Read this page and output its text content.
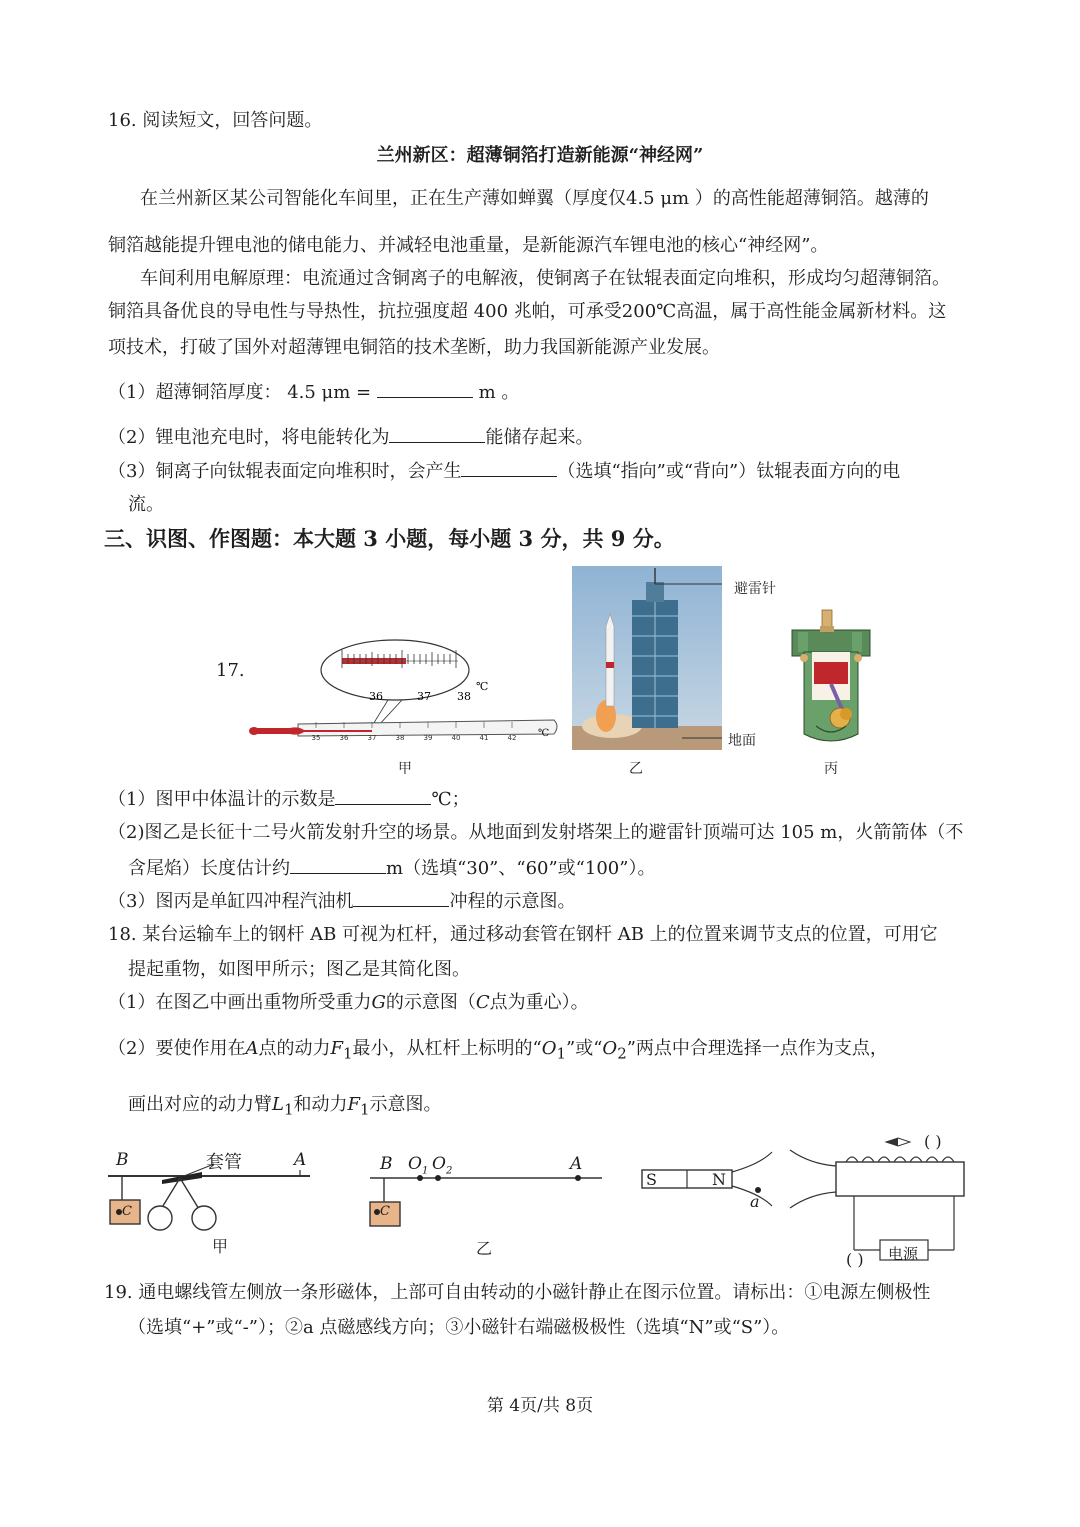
16. 阅读短文，回答问题。
兰州新区：超薄铜箔打造新能源“神经网”
在兰州新区某公司智能化车间里，正在生产薄如蝉翼（厚度仅4.5 μm ）的高性能超薄铜箔。越薄的
铜箔越能提升锂电池的储电能力、并减轻电池重量，是新能源汽车锂电池的核心“神经网”。
车间利用电解原理：电流通过含铜离子的电解液，使铜离子在钛辊表面定向堆积，形成均匀超薄铜箔。
铜箔具备优良的导电性与导热性，抗拉强度超 400 兆帕，可承受200℃高温，属于高性能金属新材料。这
项技术，打破了国外对超薄锂电铜箔的技术垄断，助力我国新能源产业发展。
（1）超薄铜箔厚度： 4.5 μm =	m 。
（2）锂电池充电时，将电能转化为	能储存起来。
（3）铜离子向钛辊表面定向堆积时，会产生	（选填“指向”或“背向”）钛辊表面方向的电
流。
三、识图、作图题：本大题 3 小题，每小题 3 分，共 9 分。
17.
36	37 38
℃
35	36	37	38	39	40	41	42 ℃
甲
避雷针
地面
乙	丙
（1）图甲中体温计的示数是	℃；
（2)图乙是长征十二号火箭发射升空的场景。从地面到发射塔架上的避雷针顶端可达 105 m，火箭箭体（不
含尾焰）长度估计约	m（选填“30”、“60”或“100”）。
（3）图丙是单缸四冲程汽油机	冲程的示意图。
18. 某台运输车上的钢杆 AB 可视为杠杆，通过移动套管在钢杆 AB 上的位置来调节支点的位置，可用它
提起重物，如图甲所示；图乙是其简化图。
（1）在图乙中画出重物所受重力G的示意图（C点为重心）。
（2）要使作用在A点的动力$F_1$最小，从杠杆上标明的“$O_1$”或“$O_2$”两点中合理选择一点作为支点，
画出对应的动力臂$L_1$和动力$F_1$示意图。
B	套管	A
C
甲
B $O_1$ $O_2$	A
C
乙
S	N
a
( )
( ) 电源
19. 通电螺线管左侧放一条形磁体，上部可自由转动的小磁针静止在图示位置。请标出：①电源左侧极性
（选填“+”或“-”）；②a 点磁感线方向；③小磁针右端磁极极性（选填“N”或“S”）。
第 4页/共 8页
